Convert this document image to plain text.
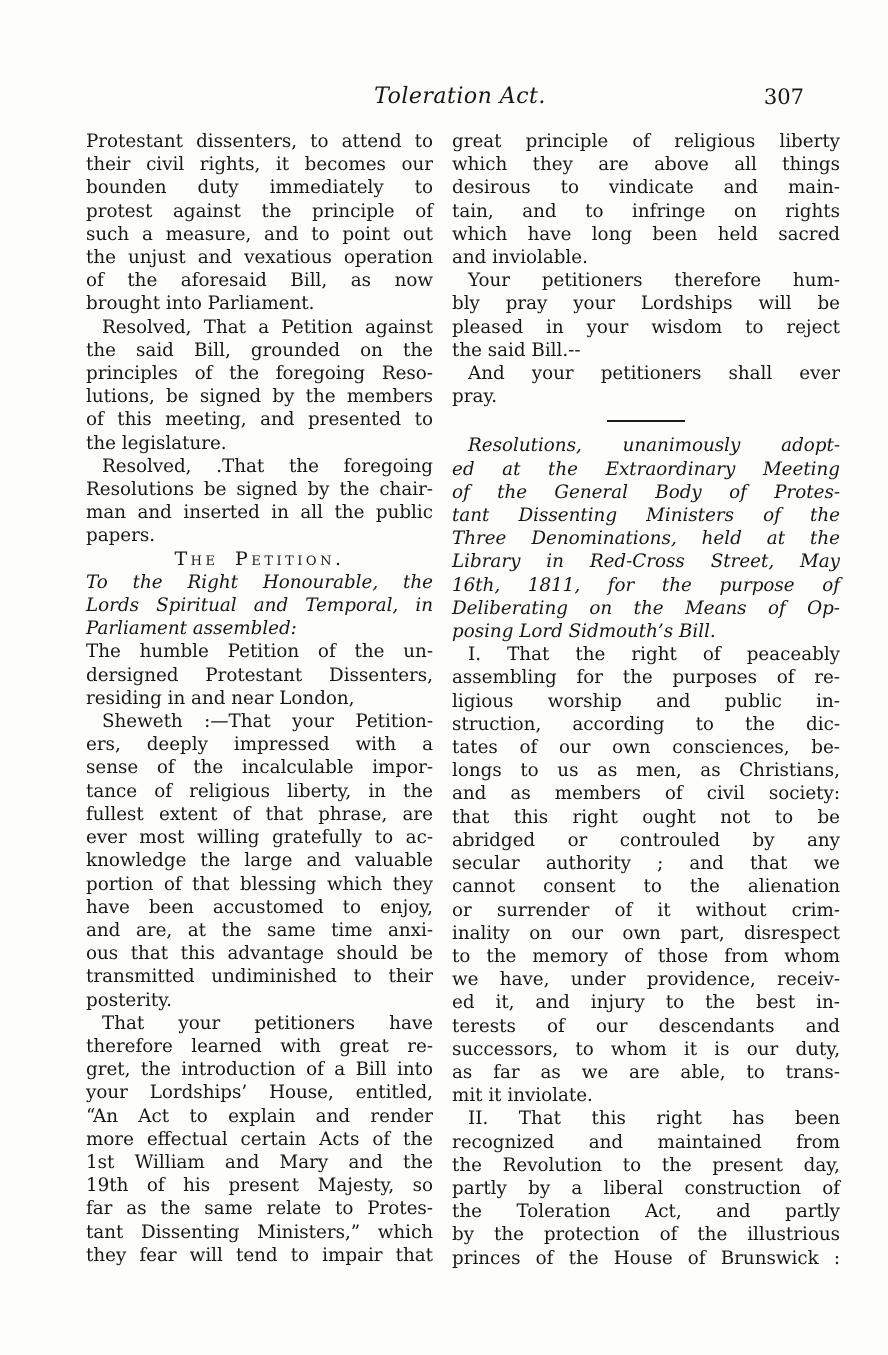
Toleration Act.	307
Protestant dissenters, to attend to
their civil rights, it becomes our
bounden duty immediately to
protest against the principle of
such a measure, and to point out
the unjust and vexatious operation
of the aforesaid Bill, as now
brought into Parliament.
Resolved, That a Petition against
the said Bill, grounded on the
principles of the foregoing Reso-
lutions, be signed by the members
of this meeting, and presented to
the legislature.
Resolved, .That the foregoing
Resolutions be signed by the chair-
man and inserted in all the public
papers.
The Petition.
To the Right Honourable, the
Lords Spiritual and Temporal, in
Parliament assembled:
The humble Petition of the un-
dersigned Protestant Dissenters,
residing in and near London,
Sheweth :—That your Petition-
ers, deeply impressed with a
sense of the incalculable impor-
tance of religious liberty, in the
fullest extent of that phrase, are
ever most willing gratefully to ac-
knowledge the large and valuable
portion of that blessing which they
have been accustomed to enjoy,
and are, at the same time anxi-
ous that this advantage should be
transmitted undiminished to their
posterity.
That your petitioners have
therefore learned with great re-
gret, the introduction of a Bill into
your Lordships’ House, entitled,
“An Act to explain and render
more effectual certain Acts of the
1st William and Mary and the
19th of his present Majesty, so
far as the same relate to Protes-
tant Dissenting Ministers,” which
they fear will tend to impair that
great principle of religious liberty
which they are above all things
desirous to vindicate and main-
tain, and to infringe on rights
which have long been held sacred
and inviolable.
Your petitioners therefore hum-
bly pray your Lordships will be
pleased in your wisdom to reject
the said Bill.--
And your petitioners shall ever
pray.
Resolutions, unanimously adopt-
ed at the Extraordinary Meeting
of the General Body of Protes-
tant Dissenting Ministers of the
Three Denominations, held at the
Library in Red-Cross Street, May
16th, 1811, for the purpose of
Deliberating on the Means of Op-
posing Lord Sidmouth’s Bill.
I. That the right of peaceably
assembling for the purposes of re-
ligious worship and public in-
struction, according to the dic-
tates of our own consciences, be-
longs to us as men, as Christians,
and as members of civil society:
that this right ought not to be
abridged or controuled by any
secular authority ; and that we
cannot consent to the alienation
or surrender of it without crim-
inality on our own part, disrespect
to the memory of those from whom
we have, under providence, receiv-
ed it, and injury to the best in-
terests of our descendants and
successors, to whom it is our duty,
as far as we are able, to trans-
mit it inviolate.
II. That this right has been
recognized and maintained from
the Revolution to the present day,
partly by a liberal construction of
the Toleration Act, and partly
by the protection of the illustrious
princes of the House of Brunswick :
